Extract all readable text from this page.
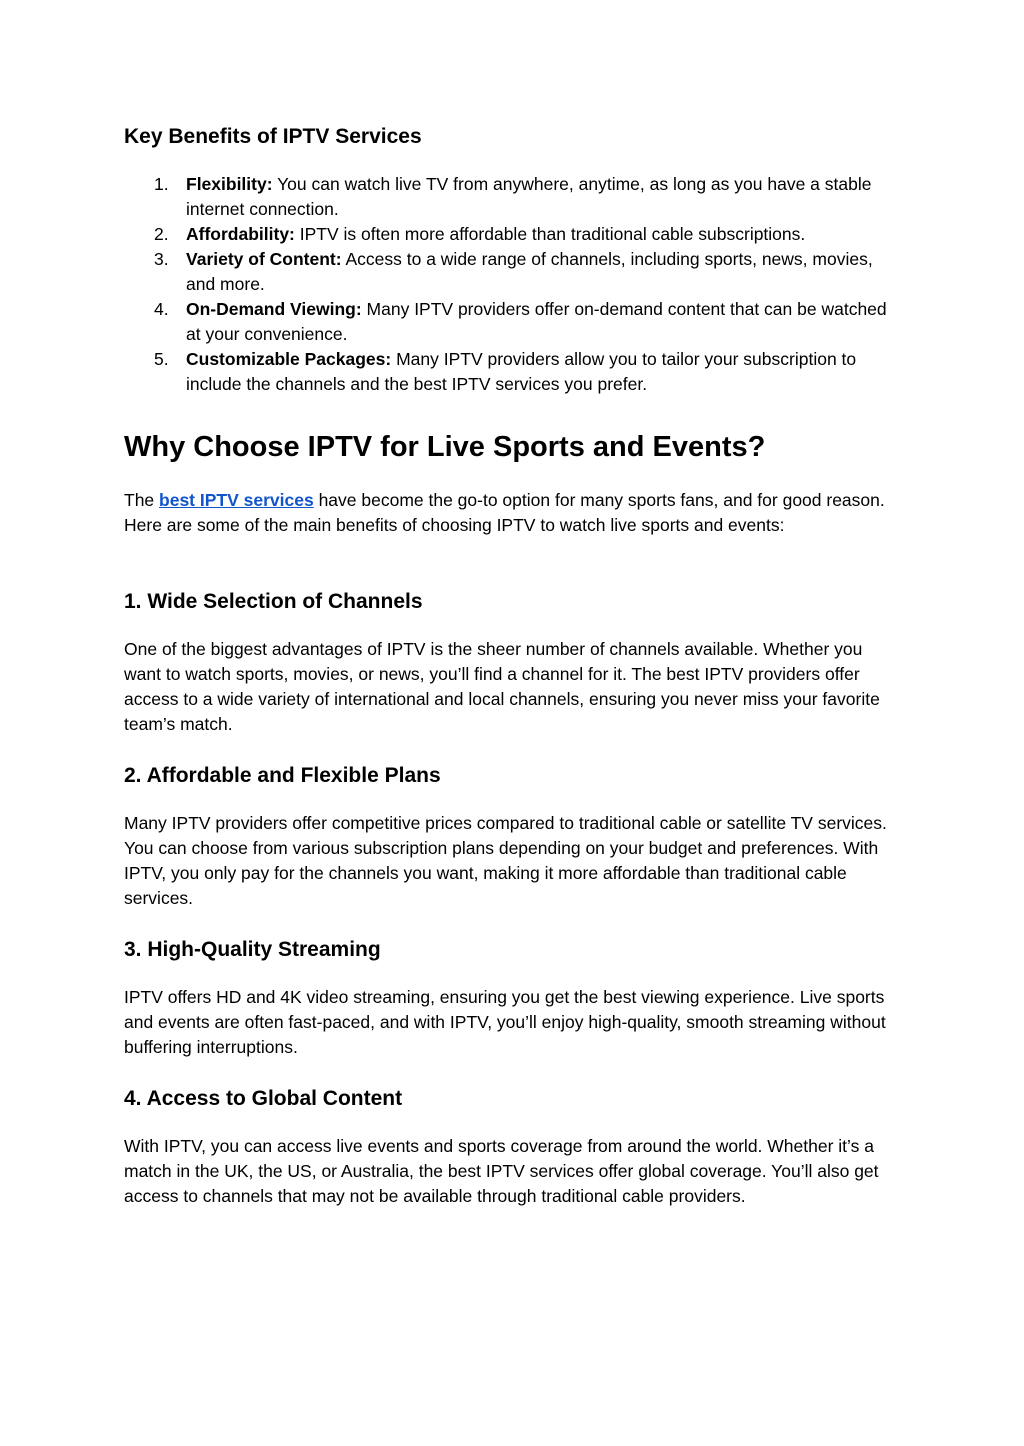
Key Benefits of IPTV Services
1. Flexibility: You can watch live TV from anywhere, anytime, as long as you have a stable internet connection.
2. Affordability: IPTV is often more affordable than traditional cable subscriptions.
3. Variety of Content: Access to a wide range of channels, including sports, news, movies, and more.
4. On-Demand Viewing: Many IPTV providers offer on-demand content that can be watched at your convenience.
5. Customizable Packages: Many IPTV providers allow you to tailor your subscription to include the channels and the best IPTV services you prefer.
Why Choose IPTV for Live Sports and Events?

The best IPTV services have become the go-to option for many sports fans, and for good reason. Here are some of the main benefits of choosing IPTV to watch live sports and events:

1. Wide Selection of Channels

One of the biggest advantages of IPTV is the sheer number of channels available. Whether you want to watch sports, movies, or news, you’ll find a channel for it. The best IPTV providers offer access to a wide variety of international and local channels, ensuring you never miss your favorite team’s match.

2. Affordable and Flexible Plans

Many IPTV providers offer competitive prices compared to traditional cable or satellite TV services. You can choose from various subscription plans depending on your budget and preferences. With IPTV, you only pay for the channels you want, making it more affordable than traditional cable services.

3. High-Quality Streaming

IPTV offers HD and 4K video streaming, ensuring you get the best viewing experience. Live sports and events are often fast-paced, and with IPTV, you’ll enjoy high-quality, smooth streaming without buffering interruptions.

4. Access to Global Content

With IPTV, you can access live events and sports coverage from around the world. Whether it’s a match in the UK, the US, or Australia, the best IPTV services offer global coverage. You’ll also get access to channels that may not be available through traditional cable providers.
